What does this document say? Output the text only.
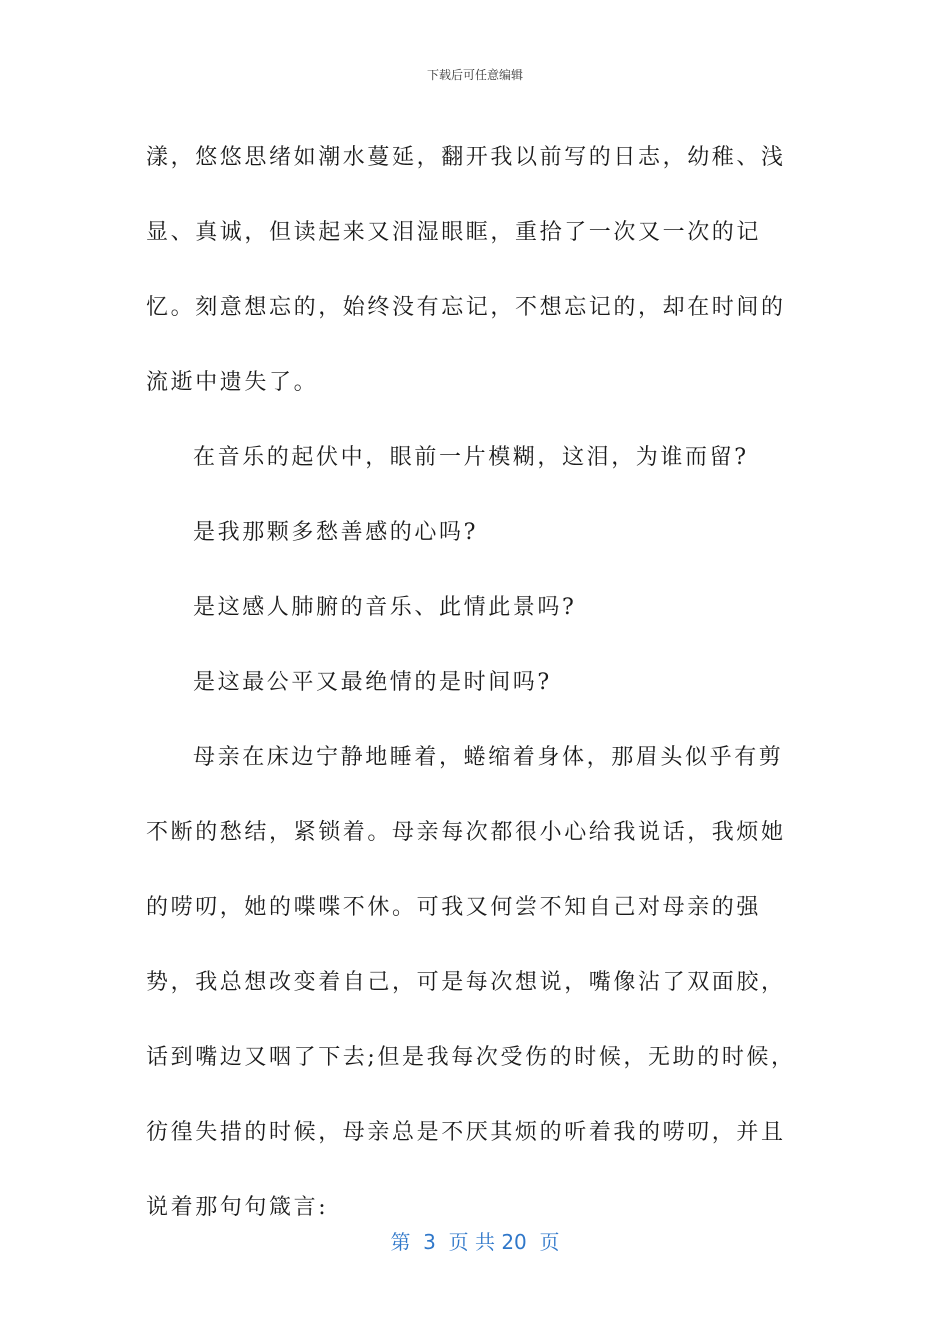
下载后可任意编辑

漾，悠悠思绪如潮水蔓延，翻开我以前写的日志，幼稚、浅显、真诚，但读起来又泪湿眼眶，重拾了一次又一次的记忆。刻意想忘的，始终没有忘记，不想忘记的，却在时间的流逝中遗失了。

在音乐的起伏中，眼前一片模糊，这泪，为谁而留?

是我那颗多愁善感的心吗?

是这感人肺腑的音乐、此情此景吗?

是这最公平又最绝情的是时间吗?

母亲在床边宁静地睡着，蜷缩着身体，那眉头似乎有剪不断的愁结，紧锁着。母亲每次都很小心给我说话，我烦她的唠叨，她的喋喋不休。可我又何尝不知自己对母亲的强势，我总想改变着自己，可是每次想说，嘴像沾了双面胶，话到嘴边又咽了下去;但是我每次受伤的时候，无助的时候，彷徨失措的时候，母亲总是不厌其烦的听着我的唠叨，并且说着那句句箴言:

第  3  页 共 20  页
